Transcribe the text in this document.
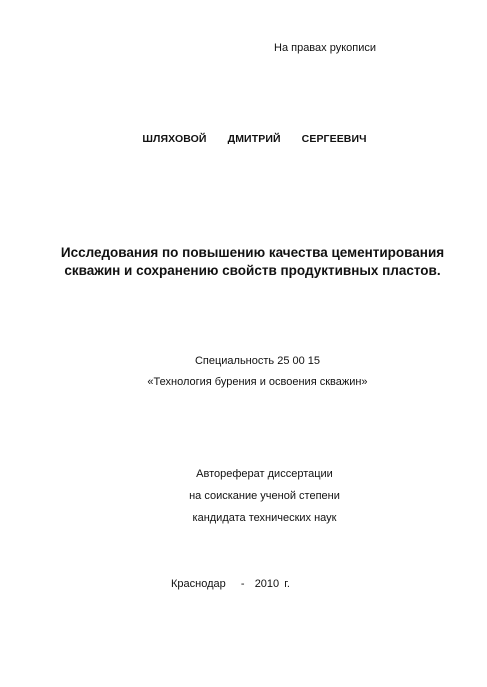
На правах рукописи
ШЛЯХОВОЙ   ДМИТРИЙ   СЕРГЕЕВИЧ
Исследования по повышению качества цементирования
скважин и сохранению свойств продуктивных пластов.
Специальность 25 00 15
«Технология бурения и освоения скважин»
Автореферат диссертации
на соискание ученой степени
кандидата технических наук
Краснодар   -  2010 г.
